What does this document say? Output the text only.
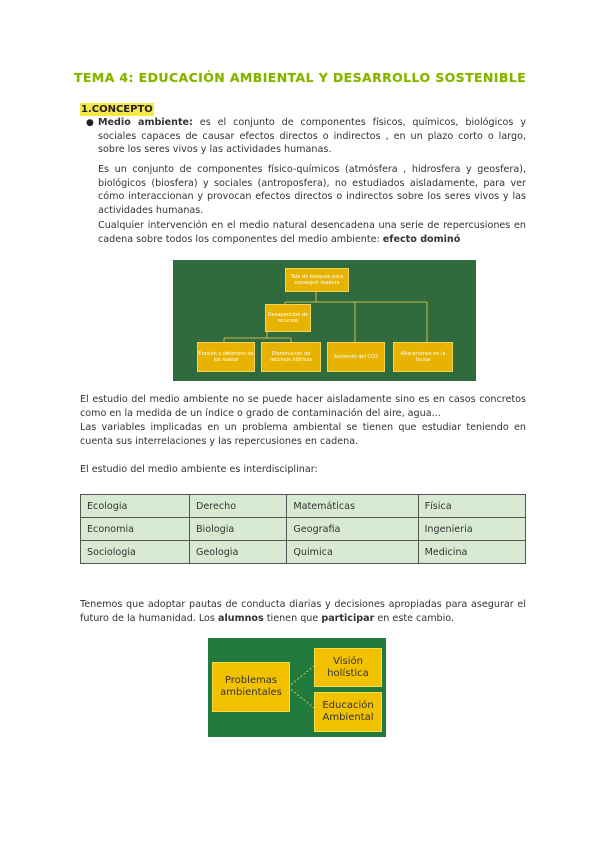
TEMA 4: EDUCACIÓN AMBIENTAL Y DESARROLLO SOSTENIBLE
1.CONCEPTO
● Medio ambiente: es el conjunto de componentes físicos, químicos, biológicos y sociales capaces de causar efectos directos o indirectos , en un plazo corto o largo, sobre los seres vivos y las actividades humanas.
Es un conjunto de componentes físico-químicos (atmósfera , hidrosfera y geosfera), biológicos (biosfera) y sociales (antroposfera), no estudiados aisladamente, para ver cómo interaccionan y provocan efectos directos o indirectos sobre los seres vivos y las actividades humanas.
Cualquier intervención en el medio natural desencadena una serie de repercusiones en cadena sobre todos los componentes del medio ambiente: efecto dominó
Tala de bosques para conseguir madera
Desaparición de recursos
Erosión y deterioro de los suelos
Disminución de recursos hídricos	Aumento del CO2	Alteraciones en la fauna
El estudio del medio ambiente no se puede hacer aisladamente sino es en casos concretos como en la medida de un índice o grado de contaminación del aire, agua...
Las variables implicadas en un problema ambiental se tienen que estudiar teniendo en cuenta sus interrelaciones y las repercusiones en cadena.
El estudio del medio ambiente es interdisciplinar:
Ecologia	Derecho	Matemáticas	Física
Economia	Biologia	Geografia	Ingenieria
Sociologia	Geologia	Quimica	Medicina
Tenemos que adoptar pautas de conducta diarias y decisiones apropiadas para asegurar el futuro de la humanidad. Los alumnos tienen que participar en este cambio.
Problemas ambientales
Visión holística
Educación Ambiental
